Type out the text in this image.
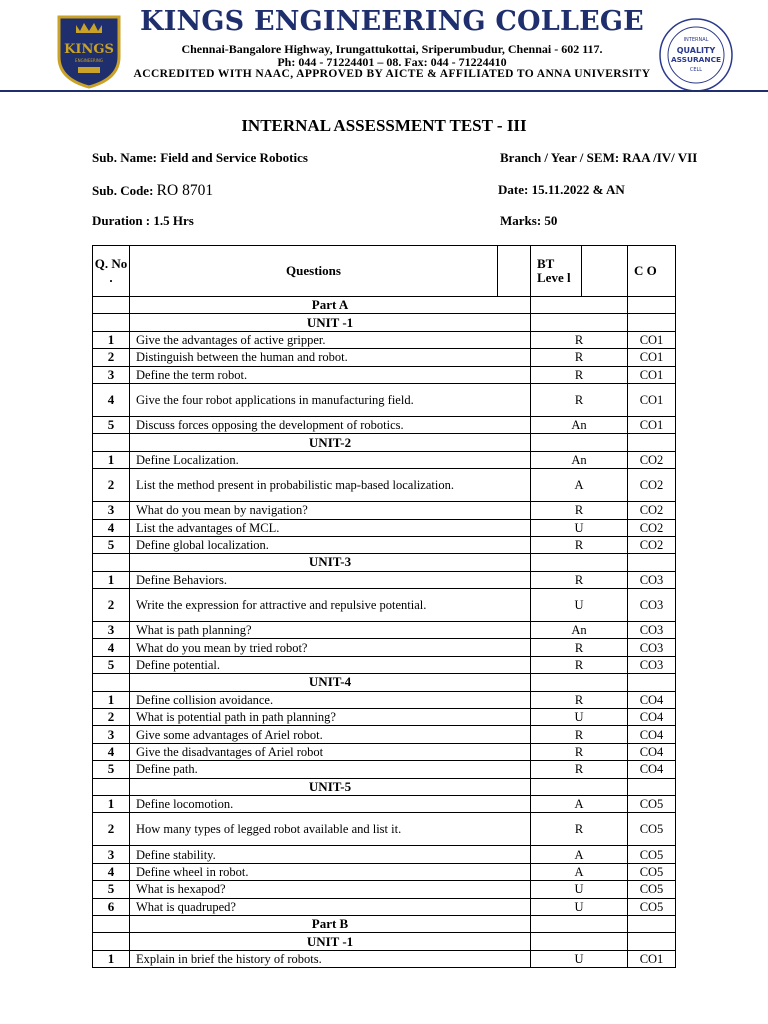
KINGS
ENGINEERING
KINGS ENGINEERING COLLEGE
Chennai-Bangalore Highway, Irungattukottai, Sriperumbudur, Chennai - 602 117.
Ph: 044 - 71224401 – 08. Fax: 044 - 71224410
ACCREDITED WITH NAAC, APPROVED BY AICTE & AFFILIATED TO ANNA UNIVERSITY
INTERNAL
QUALITY
ASSURANCE
CELL
INTERNAL ASSESSMENT TEST - III
Sub. Name: Field and Service Robotics	Branch / Year / SEM: RAA /IV/ VII
Sub. Code: RO 8701	Date: 15.11.2022 & AN
Duration : 1.5 Hrs	Marks: 50
Q. No .	Questions		BT Leve l		C O
	Part A				
	UNIT -1				
1	Give the advantages of active gripper.		R		CO1
2	Distinguish between the human and robot.		R		CO1
3	Define the term robot.		R		CO1
4	Give the four robot applications in manufacturing field.		R		CO1
5	Discuss forces opposing the development of robotics.		An		CO1
	UNIT-2				
1	Define Localization.		An		CO2
2	List the method present in probabilistic map-based localization.		A		CO2
3	What do you mean by navigation?		R		CO2
4	List the advantages of MCL.		U		CO2
5	Define global localization.		R		CO2
	UNIT-3				
1	Define Behaviors.		R		CO3
2	Write the expression for attractive and repulsive potential.		U		CO3
3	What is path planning?		An		CO3
4	What do you mean by tried robot?		R		CO3
5	Define potential.		R		CO3
	UNIT-4				
1	Define collision avoidance.		R		CO4
2	What is potential path in path planning?		U		CO4
3	Give some advantages of Ariel robot.		R		CO4
4	Give the disadvantages of Ariel robot		R		CO4
5	Define path.		R		CO4
	UNIT-5				
1	Define locomotion.		A		CO5
2	How many types of legged robot available and list it.		R		CO5
3	Define stability.		A		CO5
4	Define wheel in robot.		A		CO5
5	What is hexapod?		U		CO5
6	What is quadruped?		U		CO5
	Part B				
	UNIT -1				
1	Explain in brief the history of robots.		U		CO1
